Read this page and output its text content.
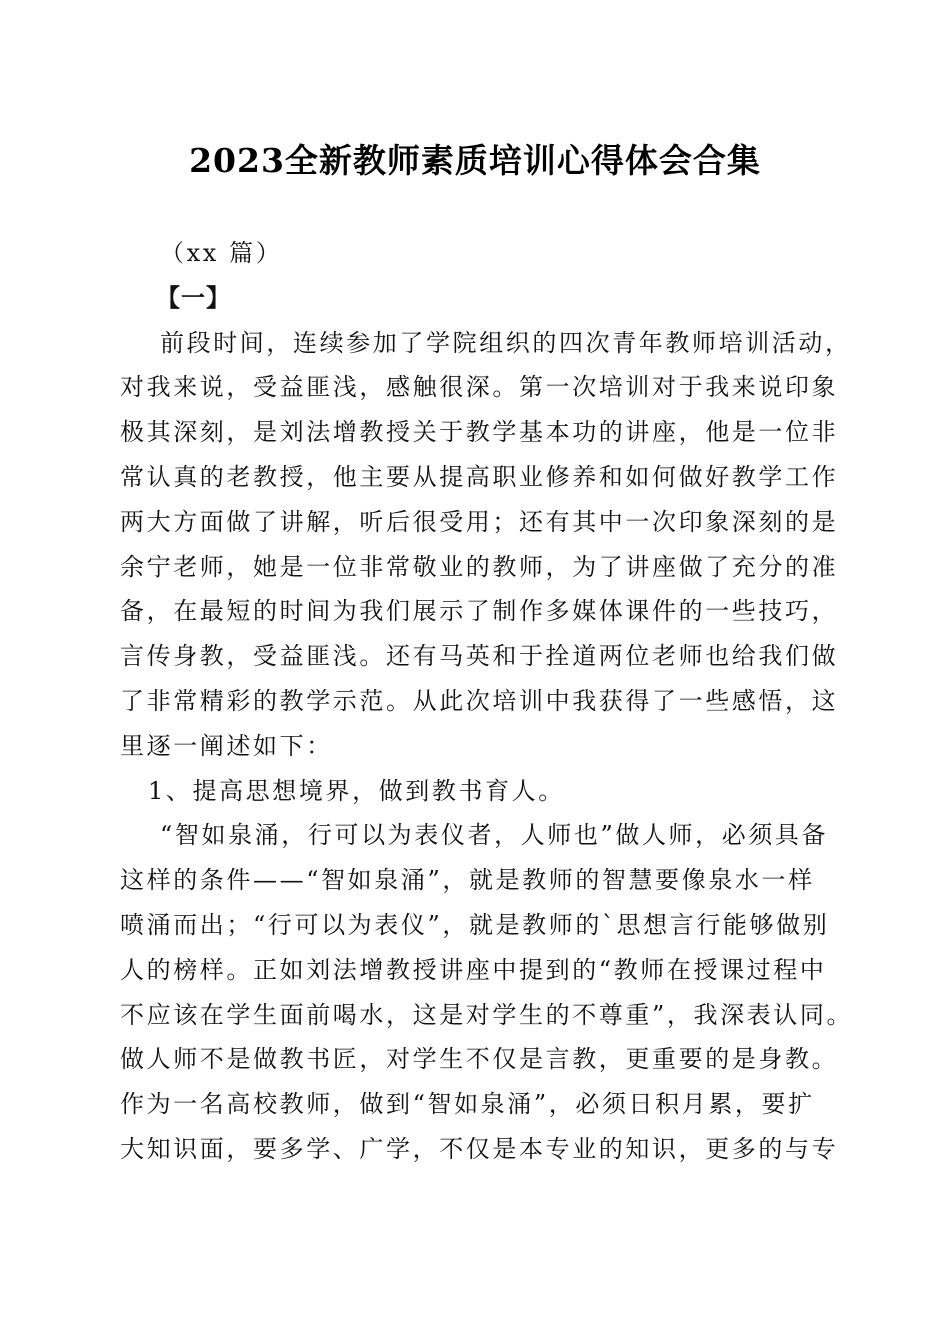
2023全新教师素质培训心得体会合集
（xx 篇）
【一】
前段时间，连续参加了学院组织的四次青年教师培训活动，
对我来说，受益匪浅，感触很深。第一次培训对于我来说印象
极其深刻，是刘法增教授关于教学基本功的讲座，他是一位非
常认真的老教授，他主要从提高职业修养和如何做好教学工作
两大方面做了讲解，听后很受用；还有其中一次印象深刻的是
余宁老师，她是一位非常敬业的教师，为了讲座做了充分的准
备，在最短的时间为我们展示了制作多媒体课件的一些技巧，
言传身教，受益匪浅。还有马英和于拴道两位老师也给我们做
了非常精彩的教学示范。从此次培训中我获得了一些感悟，这
里逐一阐述如下：
1、提高思想境界，做到教书育人。
“智如泉涌，行可以为表仪者，人师也”做人师，必须具备
这样的条件——“智如泉涌”，就是教师的智慧要像泉水一样
喷涌而出；“行可以为表仪”，就是教师的`思想言行能够做别
人的榜样。正如刘法增教授讲座中提到的“教师在授课过程中
不应该在学生面前喝水，这是对学生的不尊重”，我深表认同。
做人师不是做教书匠，对学生不仅是言教，更重要的是身教。
作为一名高校教师，做到“智如泉涌”，必须日积月累，要扩
大知识面，要多学、广学，不仅是本专业的知识，更多的与专
